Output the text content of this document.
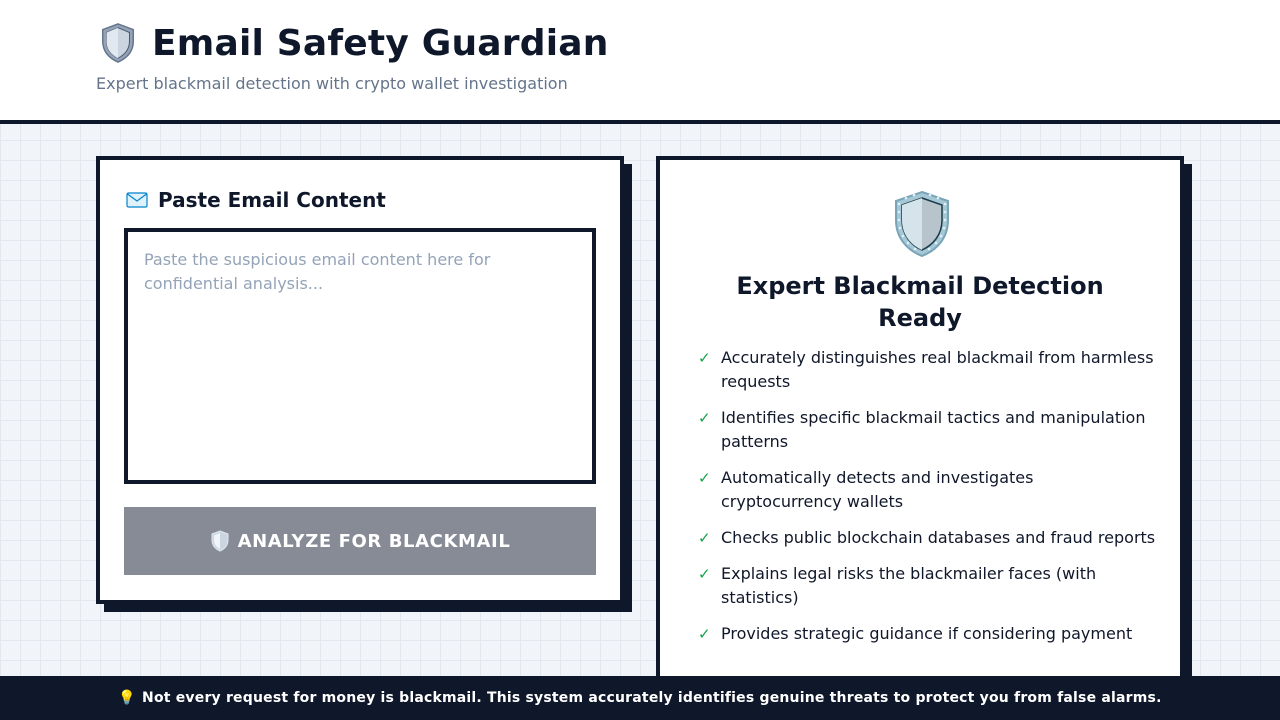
Email Safety Guardian
Expert blackmail detection with crypto wallet investigation
Paste Email Content
Paste the suspicious email content here for confidential analysis...
ANALYZE FOR BLACKMAIL
Expert Blackmail Detection Ready
✓ Accurately distinguishes real blackmail from harmless requests
✓ Identifies specific blackmail tactics and manipulation patterns
✓ Automatically detects and investigates cryptocurrency wallets
✓ Checks public blockchain databases and fraud reports
✓ Explains legal risks the blackmailer faces (with statistics)
✓ Provides strategic guidance if considering payment
💡 Not every request for money is blackmail. This system accurately identifies genuine threats to protect you from false alarms.
